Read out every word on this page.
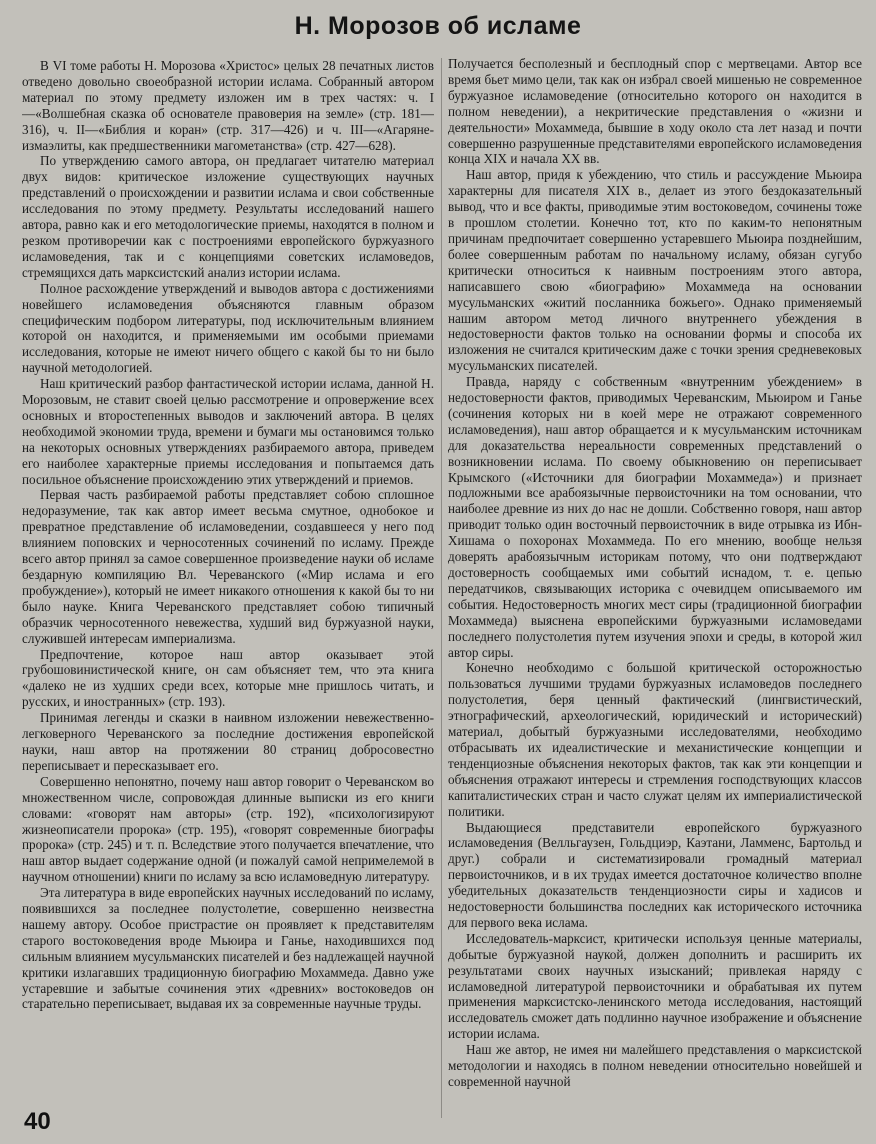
Н. Морозов об исламе

В VI томе работы Н. Морозова «Христос» целых 28 печатных листов отведено довольно своеобразной истории ислама. Собранный автором материал по этому предмету изложен им в трех частях: ч. I—«Волшебная сказка об основателе правоверия на земле» (стр. 181—316), ч. II—«Библия и коран» (стр. 317—426) и ч. III—«Агаряне-измаэлиты, как предшественники магометанства» (стр. 427—628).

По утверждению самого автора, он предлагает читателю материал двух видов: критическое изложение существующих научных представлений о происхождении и развитии ислама и свои собственные исследования по этому предмету. Результаты исследований нашего автора, равно как и его методологические приемы, находятся в полном и резком противоречии как с построениями европейского буржуазного исламоведения, так и с концепциями советских исламоведов, стремящихся дать марксистский анализ истории ислама.

Полное расхождение утверждений и выводов автора с достижениями новейшего исламоведения объясняются главным образом специфическим подбором литературы, под исключительным влиянием которой он находится, и применяемыми им особыми приемами исследования, которые не имеют ничего общего с какой бы то ни было научной методологией.

Наш критический разбор фантастической истории ислама, данной Н. Морозовым, не ставит своей целью рассмотрение и опровержение всех основных и второстепенных выводов и заключений автора. В целях необходимой экономии труда, времени и бумаги мы остановимся только на некоторых основных утверждениях разбираемого автора, приведем его наиболее характерные приемы исследования и попытаемся дать посильное объяснение происхождению этих утверждений и приемов.

Первая часть разбираемой работы представляет собою сплошное недоразумение, так как автор имеет весьма смутное, однобокое и превратное представление об исламоведении, создавшееся у него под влиянием поповских и черносотенных сочинений по исламу. Прежде всего автор принял за самое совершенное произведение науки об исламе бездарную компиляцию Вл. Череванского («Мир ислама и его пробуждение»), который не имеет никакого отношения к какой бы то ни было науке. Книга Череванского представляет собою типичный образчик черносотенного невежества, худший вид буржуазной науки, служившей интересам империализма.

Предпочтение, которое наш автор оказывает этой грубошовинистической книге, он сам объясняет тем, что эта книга «далеко не из худших среди всех, которые мне пришлось читать, и русских, и иностранных» (стр. 193).

Принимая легенды и сказки в наивном изложении невежественно-легковерного Череванского за последние достижения европейской науки, наш автор на протяжении 80 страниц добросовестно переписывает и пересказывает его.

Совершенно непонятно, почему наш автор говорит о Череванском во множественном числе, сопровождая длинные выписки из его книги словами: «говорят нам авторы» (стр. 192), «психологизируют жизнеописатели пророка» (стр. 195), «говорят современные биографы пророка» (стр. 245) и т. п. Вследствие этого получается впечатление, что наш автор выдает содержание одной (и пожалуй самой непримелемой в научном отношении) книги по исламу за всю исламоведную литературу.

Эта литература в виде европейских научных исследований по исламу, появившихся за последнее полустолетие, совершенно неизвестна нашему автору. Особое пристрастие он проявляет к представителям старого востоковедения вроде Мьюира и Ганье, находившихся под сильным влиянием мусульманских писателей и без надлежащей научной критики излагавших традиционную биографию Мохаммеда. Давно уже устаревшие и забытые сочинения этих «древних» востоковедов он старательно переписывает, выдавая их за современные научные труды.

Получается бесполезный и бесплодный спор с мертвецами. Автор все время бьет мимо цели, так как он избрал своей мишенью не современное буржуазное исламоведение (относительно которого он находится в полном неведении), а некритические представления о «жизни и деятельности» Мохаммеда, бывшие в ходу около ста лет назад и почти совершенно разрушенные представителями европейского исламоведения конца XIX и начала XX вв.

Наш автор, придя к убеждению, что стиль и рассуждение Мьюира характерны для писателя XIX в., делает из этого бездоказательный вывод, что и все факты, приводимые этим востоковедом, сочинены тоже в прошлом столетии. Конечно тот, кто по каким-то непонятным причинам предпочитает совершенно устаревшего Мьюира позднейшим, более совершенным работам по начальному исламу, обязан сугубо критически относиться к наивным построениям этого автора, написавшего свою «биографию» Мохаммеда на основании мусульманских «житий посланника божьего». Однако применяемый нашим автором метод личного внутреннего убеждения в недостоверности фактов только на основании формы и способа их изложения не считался критическим даже с точки зрения средневековых мусульманских писателей.

Правда, наряду с собственным «внутренним убеждением» в недостоверности фактов, приводимых Череванским, Мьюиром и Ганье (сочинения которых ни в коей мере не отражают современного исламоведения), наш автор обращается и к мусульманским источникам для доказательства нереальности современных представлений о возникновении ислама. По своему обыкновению он переписывает Крымского («Источники для биографии Мохаммеда») и признает подложными все арабоязычные первоисточники на том основании, что наиболее древние из них до нас не дошли. Собственно говоря, наш автор приводит только один восточный первоисточник в виде отрывка из Ибн-Хишама о похоронах Мохаммеда. По его мнению, вообще нельзя доверять арабоязычным историкам потому, что они подтверждают достоверность сообщаемых ими событий иснадом, т. е. цепью передатчиков, связывающих историка с очевидцем описываемого им события. Недостоверность многих мест сиры (традиционной биографии Мохаммеда) выяснена европейскими буржуазными исламоведами последнего полустолетия путем изучения эпохи и среды, в которой жил автор сиры.

Конечно необходимо с большой критической осторожностью пользоваться лучшими трудами буржуазных исламоведов последнего полустолетия, беря ценный фактический (лингвистический, этнографический, археологический, юридический и исторический) материал, добытый буржуазными исследователями, необходимо отбрасывать их идеалистические и механистические концепции и тенденциозные объяснения некоторых фактов, так как эти концепции и объяснения отражают интересы и стремления господствующих классов капиталистических стран и часто служат целям их империалистической политики.

Выдающиеся представители европейского буржуазного исламоведения (Велльгаузен, Гольдциэр, Каэтани, Ламменс, Бартольд и друг.) собрали и систематизировали громадный материал первоисточников, и в их трудах имеется достаточное количество вполне убедительных доказательств тенденциозности сиры и хадисов и недостоверности большинства последних как исторического источника для первого века ислама.

Исследователь-марксист, критически используя ценные материалы, добытые буржуазной наукой, должен дополнить и расширить их результатами своих научных изысканий; привлекая наряду с исламоведной литературой первоисточники и обрабатывая их путем применения марксистско-ленинского метода исследования, настоящий исследователь сможет дать подлинно научное изображение и объяснение истории ислама.

Наш же автор, не имея ни малейшего представления о марксистской методологии и находясь в полном неведении относительно новейшей и современной научной

40
